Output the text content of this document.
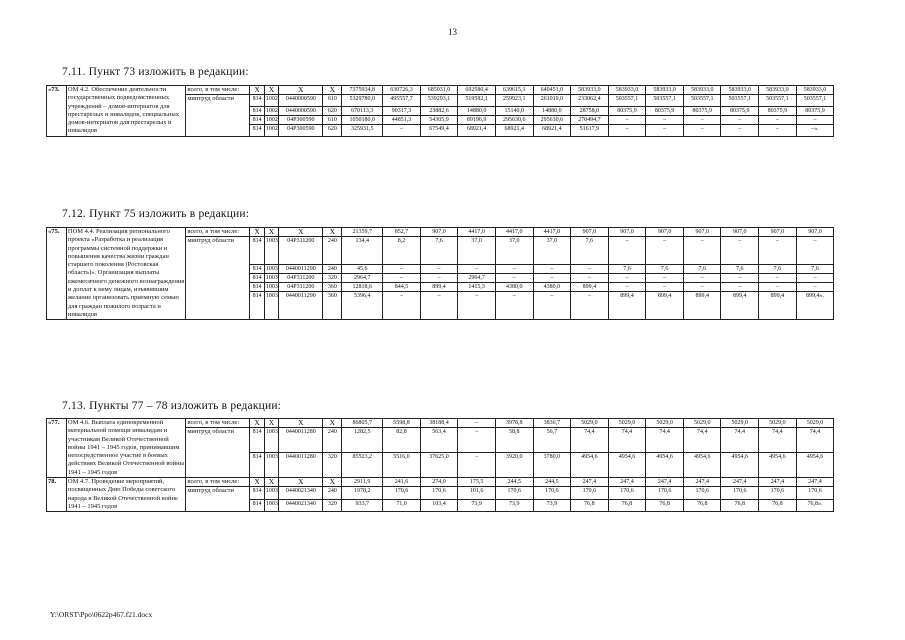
13
7.11. Пункт 73 изложить в редакции:
«73.	ОМ 4.2. Обеспечение деятельности государственных подведомственных учреждений – домов-интернатов для престарелых и инвалидов, специальных домов-интернатов для престарелых и инвалидов	всего, в том числе:	X	X	X	X	7375934,8	630726,3	685031,0	692580,4	639615,1	640451,0	583933,0	583933,0	583933,0	583933,0	583933,0	583933,0	583933,0
		минтруд области	814	1002	0440000590	610	5329780,0	495557,7	539293,1	519582,1	259923,1	261019,0	233062,4	503557,1	503557,1	503557,1	503557,1	503557,1	503557,1
			814	1002	0440000590	620	670113,3	90317,3	23882,6	14880,0	15140,0	14880,0	28758,0	80375,9	80375,9	80375,9	80375,9	80375,9	80375,9
			814	1002	04Р300590	610	1050180,0	44851,3	54305,9	89196,9	295630,6	295630,6	270494,7	–	–	–	–	–	–
			814	1002	04Р300590	620	325931,5	–	67549,4	68921,4	68921,4	68921,4	51617,9	–	–	–	–	–	–».

7.12. Пункт 75 изложить в редакции:
«75.	ПОМ 4.4. Реализация регионального проекта «Разработка и реализация программы системной поддержки и повышения качества жизни граждан старшего поколения (Ростовская область)». Организация выплаты ежемесячного денежного вознаграждения и доплат к нему лицам, изъявившим желание организовать приемную семью для граждан пожилого возраста и инвалидов	всего, в том числе:	X	X	X	X	21359,7	852,7	907,0	4417,0	4417,0	4417,0	907,0	907,0	907,0	907,0	907,0	907,0	907,0
		минтруд области	814	1003	04Р311200	240	134,4	8,2	7,6	37,0	37,0	37,0	7,6	–	–	–	–	–	–
			814	1003	0440011290	240	45,6	–	–	–	–	–	–	7,6	7,6	7,6	7,6	7,6	7,6
			814	1003	04Р311200	320	2964,7	–	–	2964,7	–	–	–	–	–	–	–	–	–
			814	1003	04Р311200	360	12818,6	844,5	899,4	1415,3	4380,0	4380,0	899,4	–	–	–	–	–	–
			814	1003	0440011290	360	5396,4	–	–	–	–	–	–	899,4	899,4	899,4	899,4	899,4	899,4».

7.13. Пункты 77 – 78 изложить в редакции:
«77.	ОМ 4.6. Выплата единовременной материальной помощи инвалидам и участникам Великой Отечественной войны 1941 – 1945 годов, принимавшим непосредственное участие в боевых действиях Великой Отечественной войны 1941 – 1945 годов	всего, в том числе:	X	X	X	X	86805,7	5598,8	38188,4	–	3978,8	3836,7	5029,0	5029,0	5029,0	5029,0	5029,0	5029,0	5029,0
		минтруд области	814	1003	0440011280	240	1282,5	82,8	563,4	–	58,8	56,7	74,4	74,4	74,4	74,4	74,4	74,4	74,4
			814	1003	0440011280	320	85523,2	5516,0	37625,0	–	3920,0	3780,0	4954,6	4954,6	4954,6	4954,6	4954,6	4954,6	4954,6

78.	ОМ 4.7. Проведение мероприятий, посвященных Дню Победы советского народа в Великой Отечественной войне 1941 – 1945 годов	всего, в том числе:	X	X	X	X	2911,9	241,6	274,0	175,5	244,5	244,5	247,4	247,4	247,4	247,4	247,4	247,4	247,4
		минтруд области	814	1003	0440021340	240	1978,2	170,6	170,6	101,6	170,6	170,6	170,6	170,6	170,6	170,6	170,6	170,6	170,6
			814	1003	0440021340	320	933,7	71,0	103,4	73,9	73,9	73,9	76,8	76,8	76,8	76,8	76,8	76,8	76,8».

Y:\ORST\Ppo\0622p467.f21.docx
